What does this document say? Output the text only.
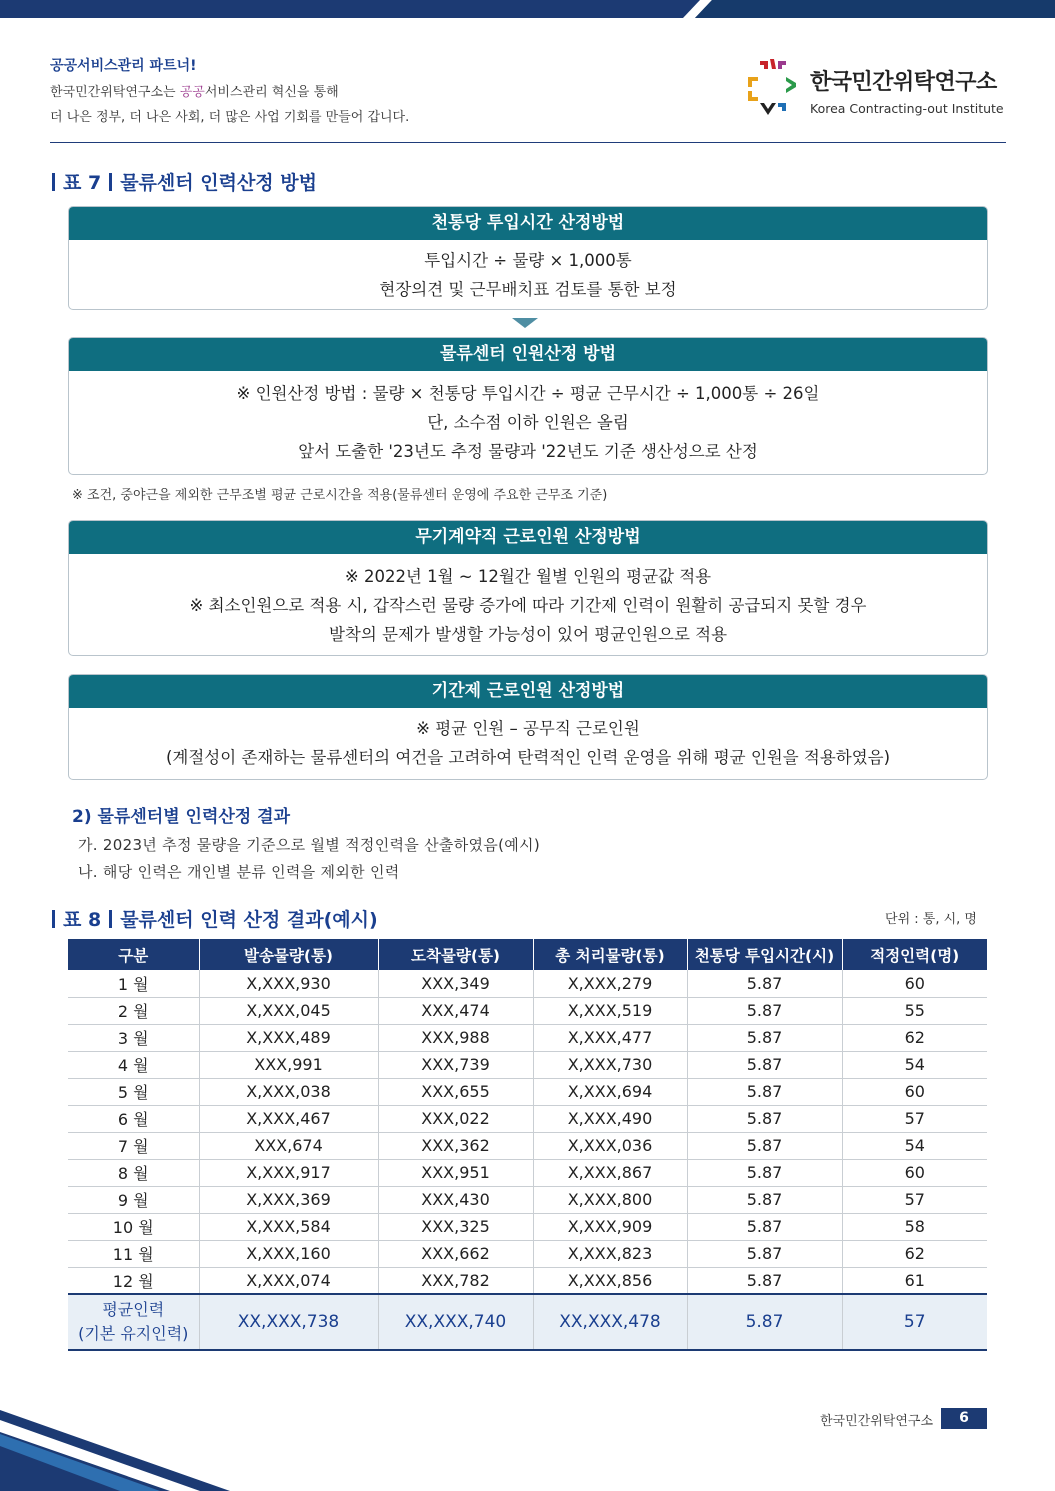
공공서비스관리 파트너!
한국민간위탁연구소는 공공서비스관리 혁신을 통해
더 나은 정부, 더 나은 사회, 더 많은 사업 기회를 만들어 갑니다.
한국민간위탁연구소
Korea Contracting-out Institute
표 7 물류센터 인력산정 방법
천통당 투입시간 산정방법
투입시간 ÷ 물량 × 1,000통
현장의견 및 근무배치표 검토를 통한 보정
물류센터 인원산정 방법
※ 인원산정 방법 : 물량 × 천통당 투입시간 ÷ 평균 근무시간 ÷ 1,000통 ÷ 26일
단, 소수점 이하 인원은 올림
앞서 도출한 '23년도 추정 물량과 '22년도 기준 생산성으로 산정
※ 조건, 중야근을 제외한 근무조별 평균 근로시간을 적용(물류센터 운영에 주요한 근무조 기준)
무기계약직 근로인원 산정방법
※ 2022년 1월 ~ 12월간 월별 인원의 평균값 적용
※ 최소인원으로 적용 시, 갑작스런 물량 증가에 따라 기간제 인력이 원활히 공급되지 못할 경우
발착의 문제가 발생할 가능성이 있어 평균인원으로 적용
기간제 근로인원 산정방법
※ 평균 인원 – 공무직 근로인원
(계절성이 존재하는 물류센터의 여건을 고려하여 탄력적인 인력 운영을 위해 평균 인원을 적용하였음)
2) 물류센터별 인력산정 결과
가. 2023년 추정 물량을 기준으로 월별 적정인력을 산출하였음(예시)
나. 해당 인력은 개인별 분류 인력을 제외한 인력
표 8 물류센터 인력 산정 결과(예시)	단위 : 통, 시, 명
구분	발송물량(통)	도착물량(통)	총 처리물량(통)	천통당 투입시간(시)	적정인력(명)
1 월	X,XXX,930	XXX,349	X,XXX,279	5.87	60
2 월	X,XXX,045	XXX,474	X,XXX,519	5.87	55
3 월	X,XXX,489	XXX,988	X,XXX,477	5.87	62
4 월	XXX,991	XXX,739	X,XXX,730	5.87	54
5 월	X,XXX,038	XXX,655	X,XXX,694	5.87	60
6 월	X,XXX,467	XXX,022	X,XXX,490	5.87	57
7 월	XXX,674	XXX,362	X,XXX,036	5.87	54
8 월	X,XXX,917	XXX,951	X,XXX,867	5.87	60
9 월	X,XXX,369	XXX,430	X,XXX,800	5.87	57
10 월	X,XXX,584	XXX,325	X,XXX,909	5.87	58
11 월	X,XXX,160	XXX,662	X,XXX,823	5.87	62
12 월	X,XXX,074	XXX,782	X,XXX,856	5.87	61

평균인력
(기본 유지인력)	XX,XXX,738	XX,XXX,740	XX,XXX,478	5.87	57
한국민간위탁연구소	6
